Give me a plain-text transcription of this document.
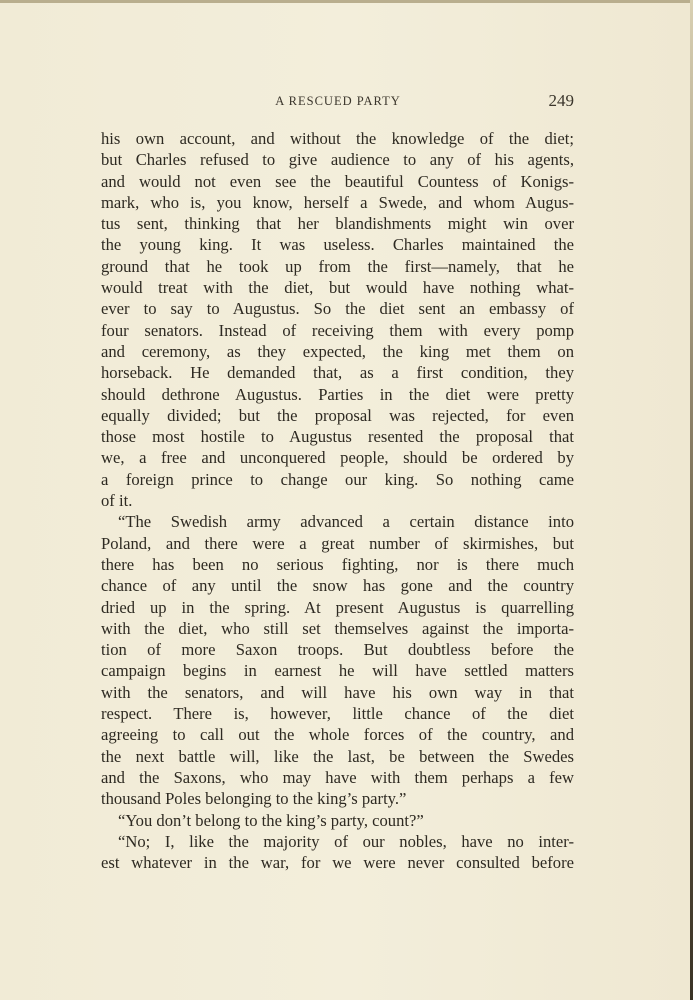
A RESCUED PARTY	249
his own account, and without the knowledge of the diet;
but Charles refused to give audience to any of his agents,
and would not even see the beautiful Countess of Konigs-
mark, who is, you know, herself a Swede, and whom Augus-
tus sent, thinking that her blandishments might win over
the young king. It was useless. Charles maintained the
ground that he took up from the first—namely, that he
would treat with the diet, but would have nothing what-
ever to say to Augustus. So the diet sent an embassy of
four senators. Instead of receiving them with every pomp
and ceremony, as they expected, the king met them on
horseback. He demanded that, as a first condition, they
should dethrone Augustus. Parties in the diet were pretty
equally divided; but the proposal was rejected, for even
those most hostile to Augustus resented the proposal that
we, a free and unconquered people, should be ordered by
a foreign prince to change our king. So nothing came
of it.
“The Swedish army advanced a certain distance into
Poland, and there were a great number of skirmishes, but
there has been no serious fighting, nor is there much
chance of any until the snow has gone and the country
dried up in the spring. At present Augustus is quarrelling
with the diet, who still set themselves against the importa-
tion of more Saxon troops. But doubtless before the
campaign begins in earnest he will have settled matters
with the senators, and will have his own way in that
respect. There is, however, little chance of the diet
agreeing to call out the whole forces of the country, and
the next battle will, like the last, be between the Swedes
and the Saxons, who may have with them perhaps a few
thousand Poles belonging to the king’s party.”
“You don’t belong to the king’s party, count?”
“No; I, like the majority of our nobles, have no inter-
est whatever in the war, for we were never consulted before
